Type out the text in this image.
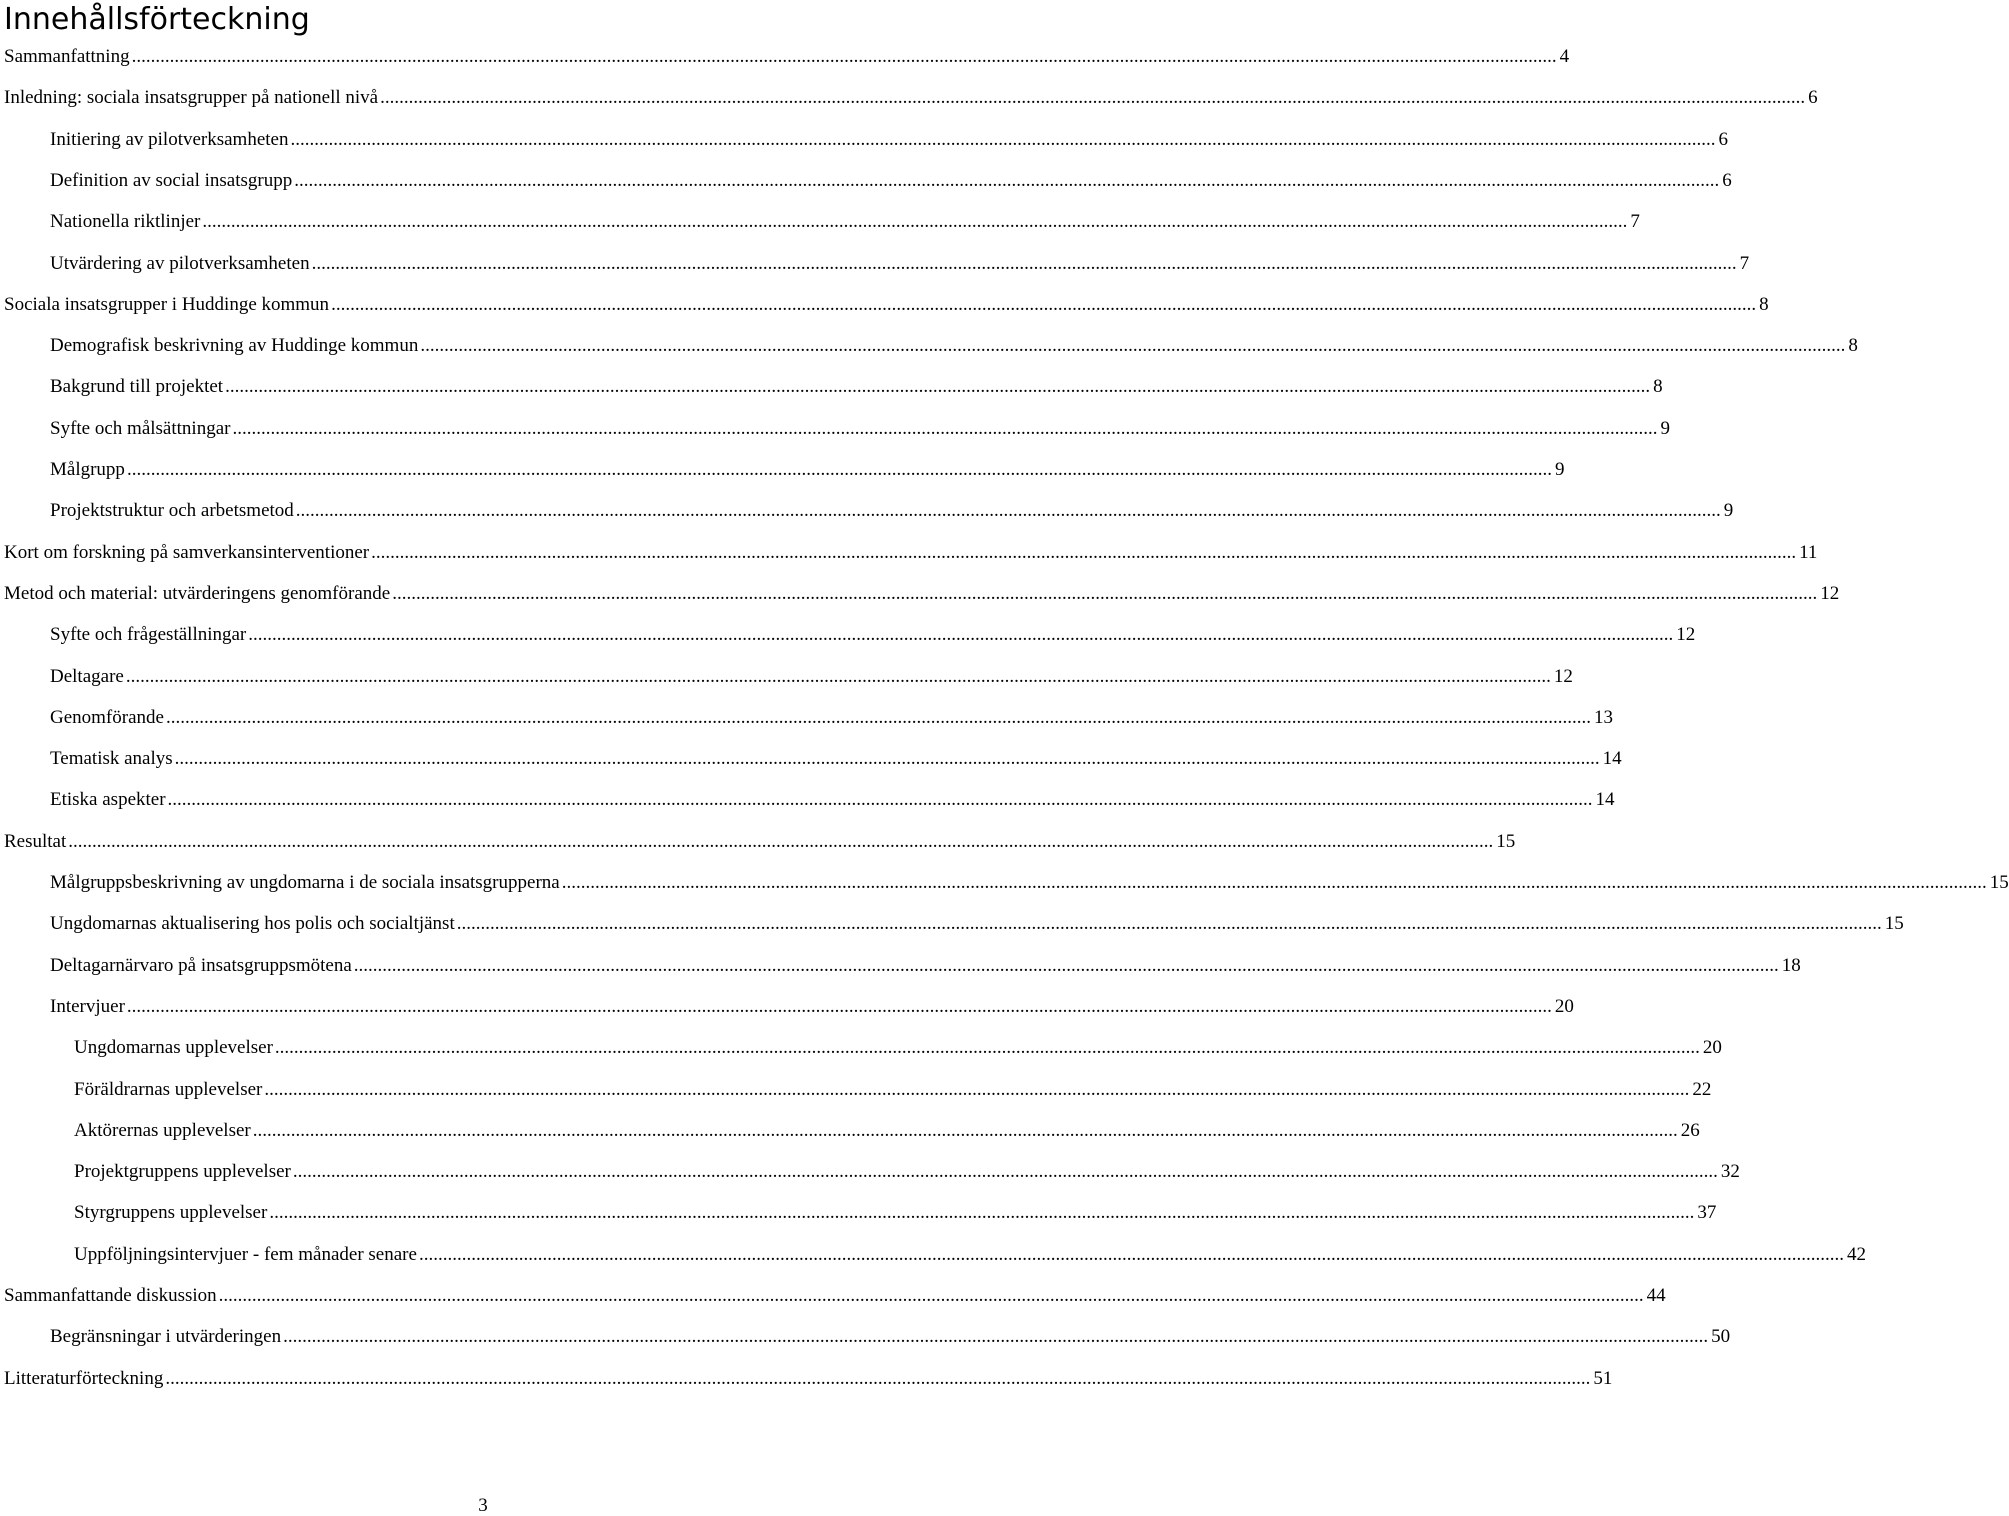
Innehållsförteckning
Sammanfattning ............................................................................................................................................................................................................................................................................................................ 4
Inledning: sociala insatsgrupper på nationell nivå ............................................................................................................................................................................................................................................................................................................ 6
Initiering av pilotverksamheten ............................................................................................................................................................................................................................................................................................................ 6
Definition av social insatsgrupp ............................................................................................................................................................................................................................................................................................................ 6
Nationella riktlinjer ............................................................................................................................................................................................................................................................................................................ 7
Utvärdering av pilotverksamheten ............................................................................................................................................................................................................................................................................................................ 7
Sociala insatsgrupper i Huddinge kommun ............................................................................................................................................................................................................................................................................................................ 8
Demografisk beskrivning av Huddinge kommun ............................................................................................................................................................................................................................................................................................................ 8
Bakgrund till projektet ............................................................................................................................................................................................................................................................................................................ 8
Syfte och målsättningar ............................................................................................................................................................................................................................................................................................................ 9
Målgrupp ............................................................................................................................................................................................................................................................................................................ 9
Projektstruktur och arbetsmetod ............................................................................................................................................................................................................................................................................................................ 9
Kort om forskning på samverkansinterventioner ............................................................................................................................................................................................................................................................................................................ 11
Metod och material: utvärderingens genomförande ............................................................................................................................................................................................................................................................................................................ 12
Syfte och frågeställningar ............................................................................................................................................................................................................................................................................................................ 12
Deltagare ............................................................................................................................................................................................................................................................................................................ 12
Genomförande ............................................................................................................................................................................................................................................................................................................ 13
Tematisk analys ............................................................................................................................................................................................................................................................................................................ 14
Etiska aspekter ............................................................................................................................................................................................................................................................................................................ 14
Resultat ............................................................................................................................................................................................................................................................................................................ 15
Målgruppsbeskrivning av ungdomarna i de sociala insatsgrupperna ............................................................................................................................................................................................................................................................................................................ 15
Ungdomarnas aktualisering hos polis och socialtjänst ............................................................................................................................................................................................................................................................................................................ 15
Deltagarnärvaro på insatsgruppsmötena ............................................................................................................................................................................................................................................................................................................ 18
Intervjuer ............................................................................................................................................................................................................................................................................................................ 20
Ungdomarnas upplevelser ............................................................................................................................................................................................................................................................................................................ 20
Föräldrarnas upplevelser ............................................................................................................................................................................................................................................................................................................ 22
Aktörernas upplevelser ............................................................................................................................................................................................................................................................................................................ 26
Projektgruppens upplevelser ............................................................................................................................................................................................................................................................................................................ 32
Styrgruppens upplevelser ............................................................................................................................................................................................................................................................................................................ 37
Uppföljningsintervjuer - fem månader senare ............................................................................................................................................................................................................................................................................................................ 42
Sammanfattande diskussion ............................................................................................................................................................................................................................................................................................................ 44
Begränsningar i utvärderingen ............................................................................................................................................................................................................................................................................................................ 50
Litteraturförteckning ............................................................................................................................................................................................................................................................................................................ 51
3
